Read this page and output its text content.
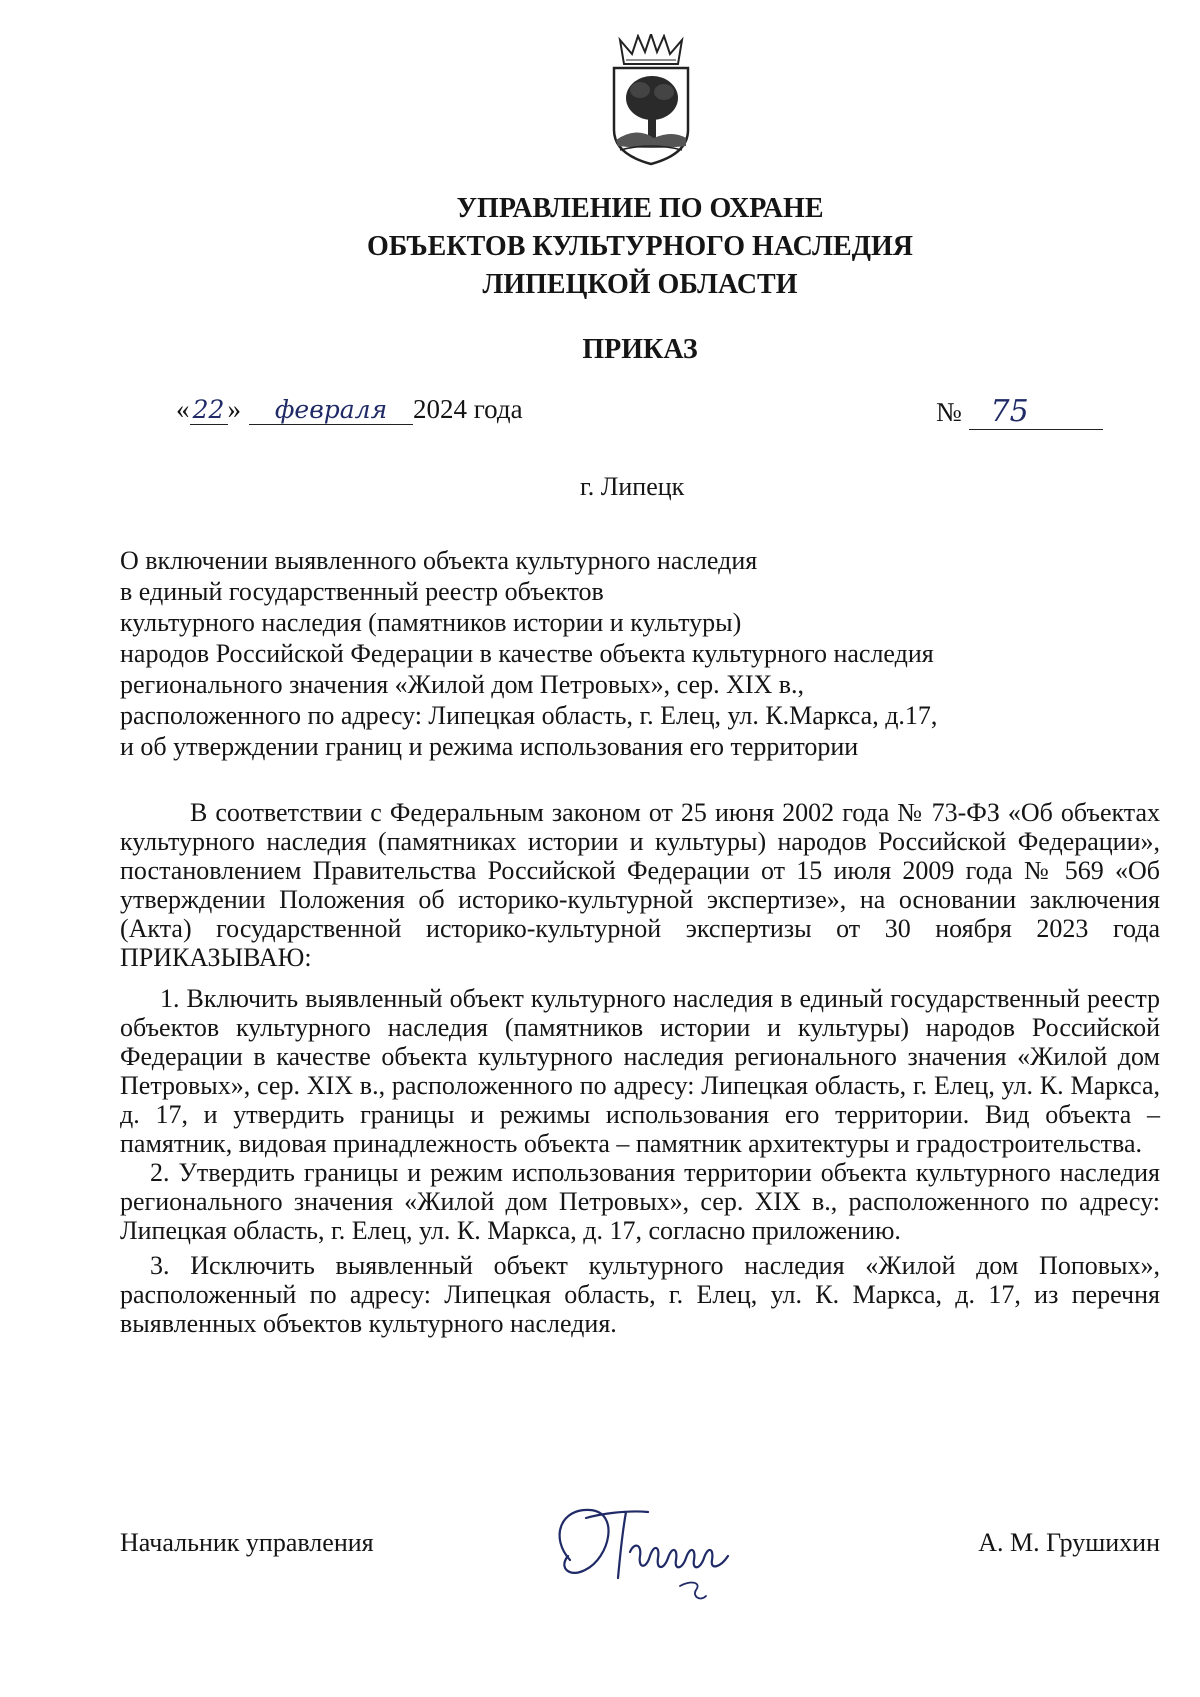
УПРАВЛЕНИЕ ПО ОХРАНЕ
ОБЪЕКТОВ КУЛЬТУРНОГО НАСЛЕДИЯ
ЛИПЕЦКОЙ ОБЛАСТИ
ПРИКАЗ
« 22 » февраля 2024 года	№ 75
г. Липецк
О включении выявленного объекта культурного наследия
в единый государственный реестр объектов
культурного наследия (памятников истории и культуры)
народов Российской Федерации в качестве объекта культурного наследия
регионального значения «Жилой дом Петровых», сер. XIX в.,
расположенного по адресу: Липецкая область, г. Елец, ул. К.Маркса, д.17,
и об утверждении границ и режима использования его территории

В соответствии с Федеральным законом от 25 июня 2002 года № 73-ФЗ «Об объектах культурного наследия (памятниках истории и культуры) народов Российской Федерации», постановлением Правительства Российской Федерации от 15 июля 2009 года № 569 «Об утверждении Положения об историко-культурной экспертизе», на основании заключения (Акта) государственной историко-культурной экспертизы от 30 ноября 2023 года ПРИКАЗЫВАЮ:

1. Включить выявленный объект культурного наследия в единый государственный реестр объектов культурного наследия (памятников истории и культуры) народов Российской Федерации в качестве объекта культурного наследия регионального значения «Жилой дом Петровых», сер. XIX в., расположенного по адресу: Липецкая область, г. Елец, ул. К. Маркса, д. 17, и утвердить границы и режимы использования его территории. Вид объекта – памятник, видовая принадлежность объекта – памятник архитектуры и градостроительства.

2. Утвердить границы и режим использования территории объекта культурного наследия регионального значения «Жилой дом Петровых», сер. XIX в., расположенного по адресу: Липецкая область, г. Елец, ул. К. Маркса, д. 17, согласно приложению.

3. Исключить выявленный объект культурного наследия «Жилой дом Поповых», расположенный по адресу: Липецкая область, г. Елец, ул. К. Маркса, д. 17, из перечня выявленных объектов культурного наследия.

Начальник управления	А. М. Грушихин
